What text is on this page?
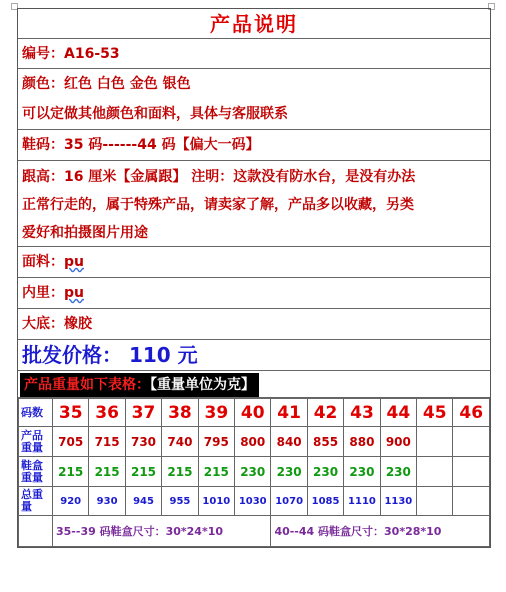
产品说明
编号：A16-53
颜色：红色 白色 金色 银色
可以定做其他颜色和面料，具体与客服联系
鞋码：35 码------44 码【偏大一码】
跟高：16 厘米【金属跟】 注明：这款没有防水台，是没有办法
正常行走的，属于特殊产品，请卖家了解，产品多以收藏，另类
爱好和拍摄图片用途
面料：pu
内里：pu
大底：橡胶
批发价格： 110 元
产品重量如下表格：【重量单位为克】
码数	35	36	37	38	39	40	41	42	43	44	45	46
产品重量	705	715	730	740	795	800	840	855	880	900		
鞋盒重量	215	215	215	215	215	230	230	230	230	230		
总重量	920	930	945	955	1010	1030	1070	1085	1110	1130		
	35--39 码鞋盒尺寸：30*24*10						40--44 码鞋盒尺寸：30*28*10					
